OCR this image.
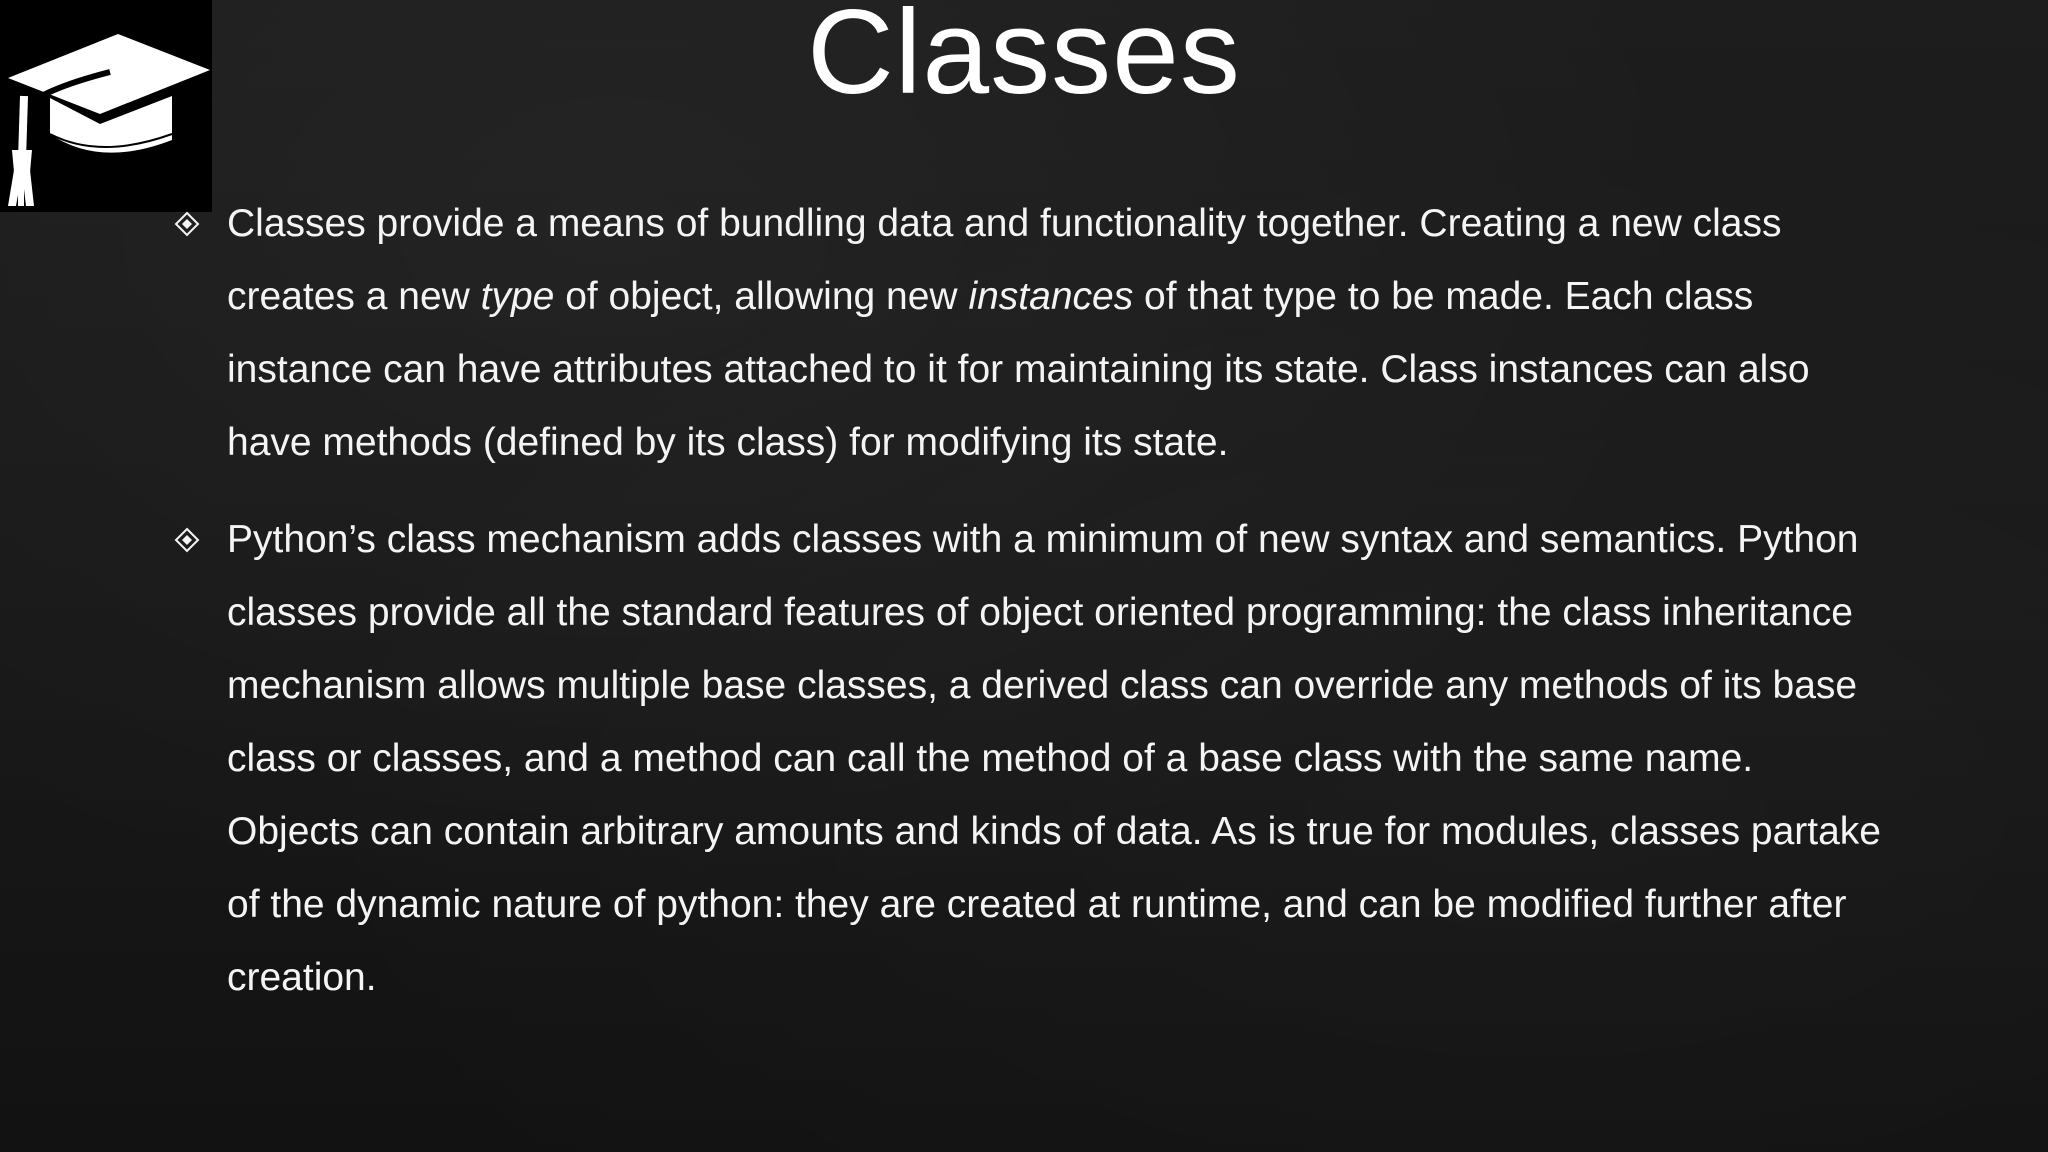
Classes
Classes provide a means of bundling data and functionality together. Creating a new class creates a new type of object, allowing new instances of that type to be made. Each class instance can have attributes attached to it for maintaining its state. Class instances can also have methods (defined by its class) for modifying its state.
Python’s class mechanism adds classes with a minimum of new syntax and semantics. Python classes provide all the standard features of object oriented programming: the class inheritance mechanism allows multiple base classes, a derived class can override any methods of its base class or classes, and a method can call the method of a base class with the same name. Objects can contain arbitrary amounts and kinds of data. As is true for modules, classes partake of the dynamic nature of python: they are created at runtime, and can be modified further after creation.
